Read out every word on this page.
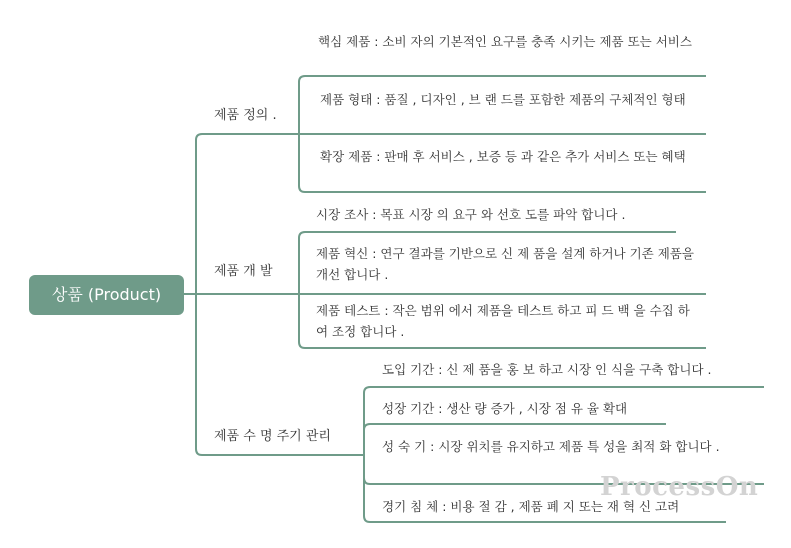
상품 (Product)
제품 정의 .
핵심 제품 : 소비 자의 기본적인 요구를 충족 시키는 제품 또는 서비스
제품 형태 : 품질 , 디자인 , 브 랜 드를 포함한 제품의 구체적인 형태
확장 제품 : 판매 후 서비스 , 보증 등 과 같은 추가 서비스 또는 혜택
제품 개 발
시장 조사 : 목표 시장 의 요구 와 선호 도를 파악 합니다 .
제품 혁신 : 연구 결과를 기반으로 신 제 품을 설계 하거나 기존 제품을 개선 합니다 .
제품 테스트 : 작은 범위 에서 제품을 테스트 하고 피 드 백 을 수집 하여 조정 합니다 .
제품 수 명 주기 관리
도입 기간 : 신 제 품을 홍 보 하고 시장 인 식을 구축 합니다 .
성장 기간 : 생산 량 증가 , 시장 점 유 율 확대
성 숙 기 : 시장 위치를 유지하고 제품 특 성을 최적 화 합니다 .
경기 침 체 : 비용 절 감 , 제품 폐 지 또는 재 혁 신 고려
ProcessOn
